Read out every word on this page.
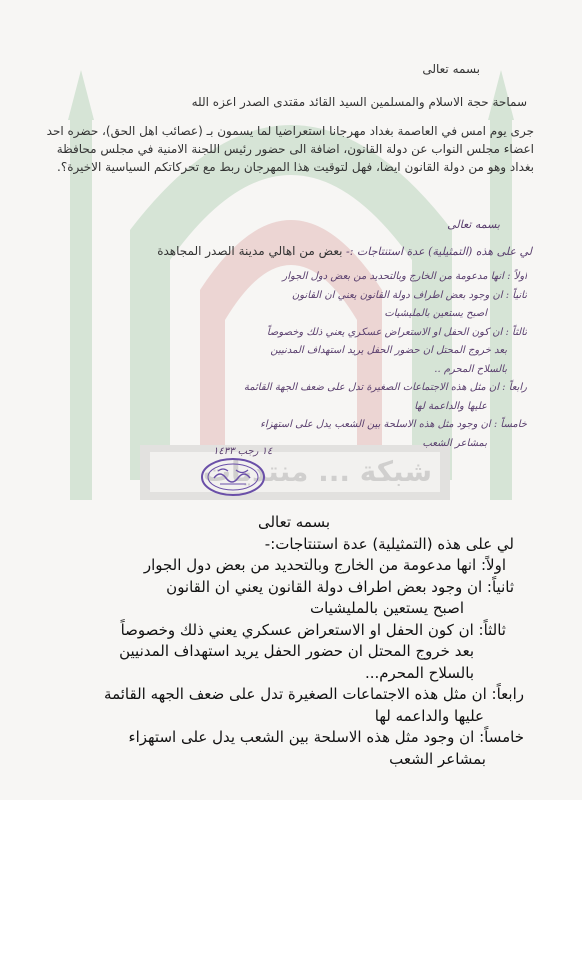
شبكة ... منتديات
بسمه تعالى
سماحة حجة الاسلام والمسلمين السيد القائد مقتدى الصدر اعزه الله
جرى يوم امس في العاصمة بغداد مهرجانا استعراضيا لما يسمون بـ (عصائب اهل الحق)، حضره احد اعضاء مجلس النواب عن دولة القانون، اضافة الى حضور رئيس اللجنة الامنية في مجلس محافظة بغداد وهو من دولة القانون ايضا، فهل لتوقيت هذا المهرجان ربط مع تحركاتكم السياسية الاخيرة؟.
بسم‍ه تعالى
لي على هذه (التمثيلية) عدة استنتاجات :- بعض من اهالي مدينة الصدر المجاهدة
اولاً : انها مدعومة من الخارج وبالتحديد من بعض دول الجوار
ثانياً : ان وجود بعض اطراف دولة القانون يعني ان القانون
اصبح يستعين بالمليشيات
ثالثاً : ان كون الحفل او الاستعراض عسكري يعني ذلك وخصوصاً
بعد خروج المحتل ان حضور الحفل يريد استهداف المدنيين
بالسلاح المحرم ..
رابعاً : ان مثل هذه الاجتماعات الصغيرة تدل على ضعف الجهة القائمة
عليها والداعمة لها
خامساً : ان وجود مثل هذه الاسلحة بين الشعب يدل على استهزاء
بمشاعر الشعب
١٤ رجب ١٤٣٣
بسمه تعالى
لي على هذه (التمثيلية) عدة استنتاجات:-
اولاً: انها مدعومة من الخارج وبالتحديد من بعض دول الجوار
ثانياً: ان وجود بعض اطراف دولة القانون يعني ان القانون
اصبح يستعين بالمليشيات
ثالثاً: ان كون الحفل او الاستعراض عسكري يعني ذلك وخصوصاً
بعد خروج المحتل ان حضور الحفل يريد استهداف المدنيين
بالسلاح المحرم...
رابعاً: ان مثل هذه الاجتماعات الصغيرة تدل على ضعف الجهه القائمة
عليها والداعمه لها
خامساً: ان وجود مثل هذه الاسلحة بين الشعب يدل على استهزاء
بمشاعر الشعب
